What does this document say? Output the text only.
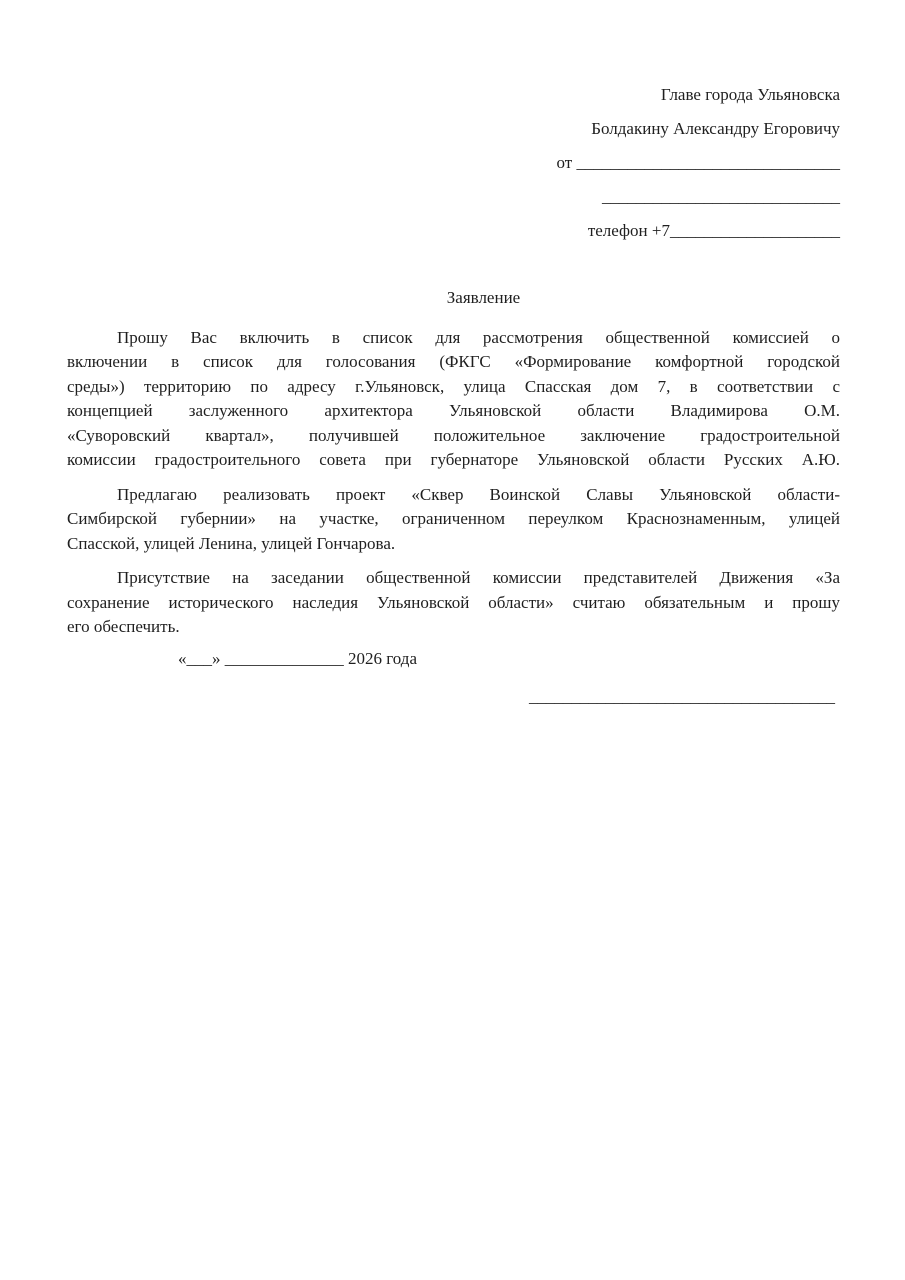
Главе города Ульяновска
Болдакину Александру Егоровичу
от _______________________________
____________________________
телефон +7____________________
Заявление
Прошу Вас включить в список для рассмотрения общественной комиссией о
включении в список для голосования (ФКГС «Формирование комфортной городской
среды») территорию по адресу г.Ульяновск, улица Спасская дом 7, в соответствии с
концепцией заслуженного архитектора Ульяновской области Владимирова О.М.
«Суворовский квартал», получившей положительное заключение градостроительной
комиссии градостроительного совета при губернаторе Ульяновской области Русских А.Ю.
Предлагаю реализовать проект «Сквер Воинской Славы Ульяновской области-
Симбирской губернии» на участке, ограниченном переулком Краснознаменным, улицей
Спасской, улицей Ленина, улицей Гончарова.
Присутствие на заседании общественной комиссии представителей Движения «За
сохранение исторического наследия Ульяновской области» считаю обязательным и прошу
его обеспечить.
«___» ______________ 2026 года
____________________________________
